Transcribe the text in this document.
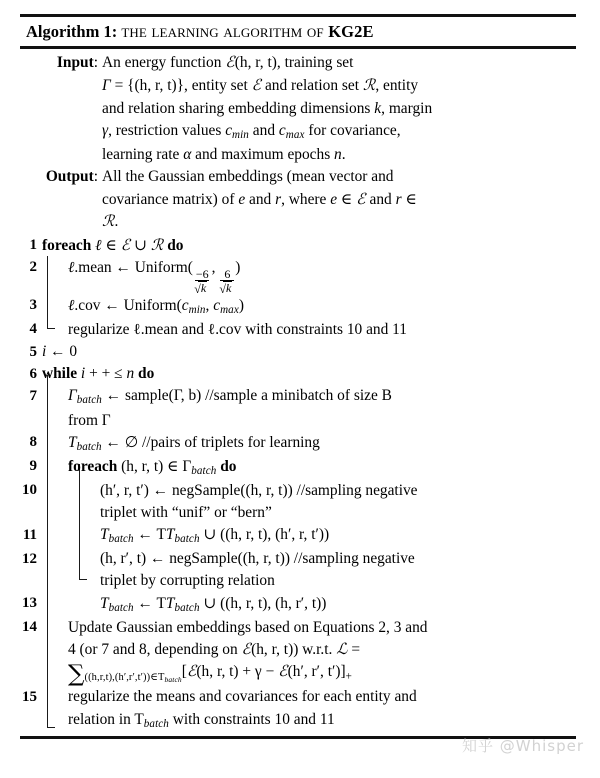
Algorithm 1: the learning algorithm of KG2E
Input : An energy function ℰ(h, r, t), training set
Γ = {(h, r, t)}, entity set ℰ and relation set ℛ, entity
and relation sharing embedding dimensions k, margin
γ, restriction values $c_{min}$ and $c_{max}$ for covariance,
learning rate α and maximum epochs n.
Output : All the Gaussian embeddings (mean vector and
covariance matrix) of e and r, where e ∈ ℰ and r ∈
ℛ.
1 foreach ℓ ∈ ℰ ∪ ℛ do
2	ℓ.mean ← Uniform(
−6
√ k
,
6
√ k
)
3	ℓ.cov ← $Uniform(c_{min}$, $c_{max}$)
4	regularize ℓ.mean and ℓ.cov with constraints 10 and 11
5 i ← 0
6 while i + + ≤ n do
7	$\Gamma_{batch}$ ← sample(Γ, b) //sample a minibatch of size B
from Γ
8	$T_{batch}$ ← ∅ //pairs of triplets for learning
9	foreach (h, r, t) ∈ $\Gamma_{batch}$ do
10	(h′, r, t′) ← negSample((h, r, t)) //sampling negative
triplet with “unif” or “bern”
11	$T_{batch}$ ← $TT_{batch}$ ∪ ((h, r, t), (h′, r, t′))
12	(h, r′, t) ← negSample((h, r, t)) //sampling negative
triplet by corrupting relation
13	$T_{batch}$ ← $TT_{batch}$ ∪ ((h, r, t), (h, r′, t))
14	Update Gaussian embeddings based on Equations 2, 3 and
4 (or 7 and 8, depending on ℰ(h, r, t)) w.r.t. ℒ =
$\sum_{((h,r,t),(h',r',t'))\in T_{batch}}[ℰ(h$, r, t) + γ − ℰ(h′, r′, $t')]_+$
15	regularize the means and covariances for each entity and
relation in $T_{batch}$ with constraints 10 and 11
知乎 @Whisper
